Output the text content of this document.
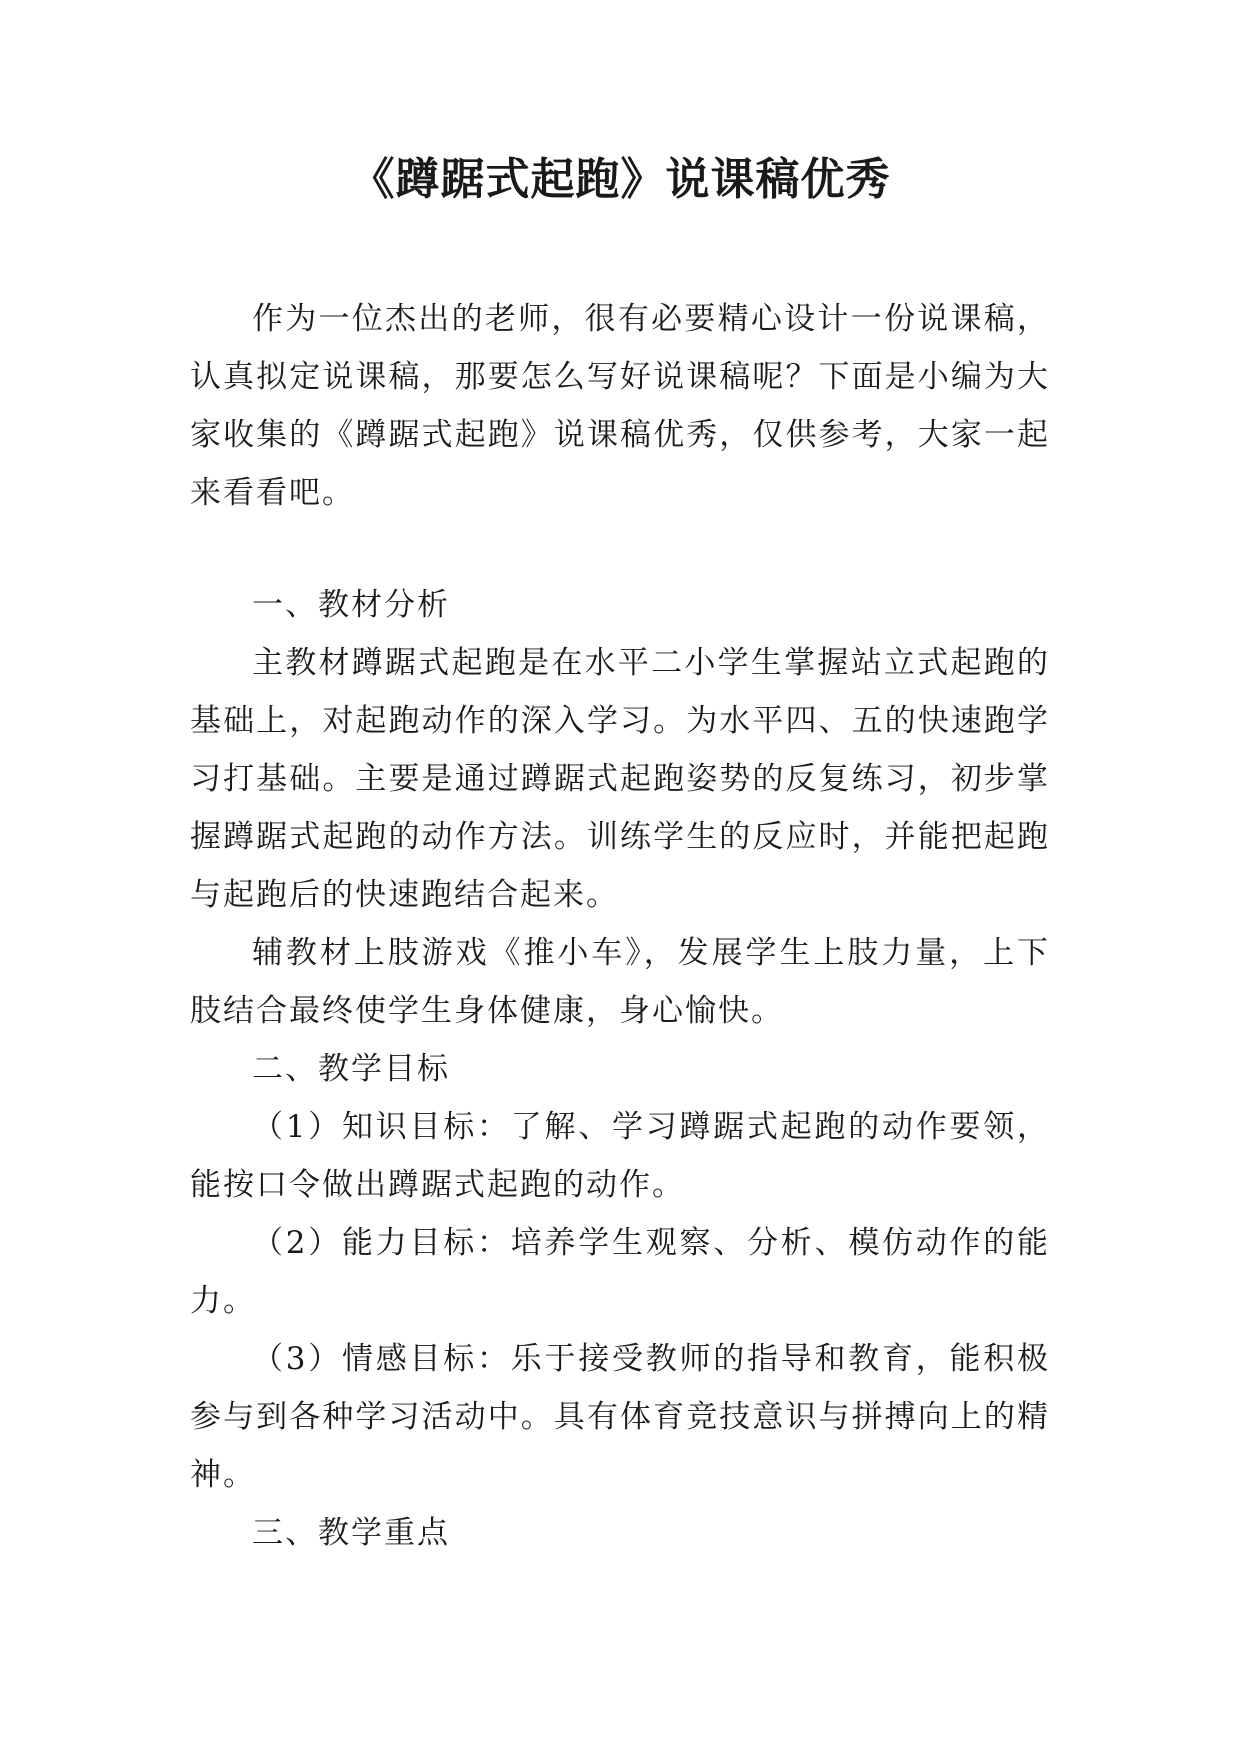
《蹲踞式起跑》说课稿优秀

作为一位杰出的老师，很有必要精心设计一份说课稿，认真拟定说课稿，那要怎么写好说课稿呢？下面是小编为大家收集的《蹲踞式起跑》说课稿优秀，仅供参考，大家一起来看看吧。

一、教材分析

主教材蹲踞式起跑是在水平二小学生掌握站立式起跑的基础上，对起跑动作的深入学习。为水平四、五的快速跑学习打基础。主要是通过蹲踞式起跑姿势的反复练习，初步掌握蹲踞式起跑的动作方法。训练学生的反应时，并能把起跑与起跑后的快速跑结合起来。

辅教材上肢游戏《推小车》，发展学生上肢力量，上下肢结合最终使学生身体健康，身心愉快。

二、教学目标

（1）知识目标：了解、学习蹲踞式起跑的动作要领，能按口令做出蹲踞式起跑的动作。

（2）能力目标：培养学生观察、分析、模仿动作的能力。

（3）情感目标：乐于接受教师的指导和教育，能积极参与到各种学习活动中。具有体育竞技意识与拼搏向上的精神。

三、教学重点
